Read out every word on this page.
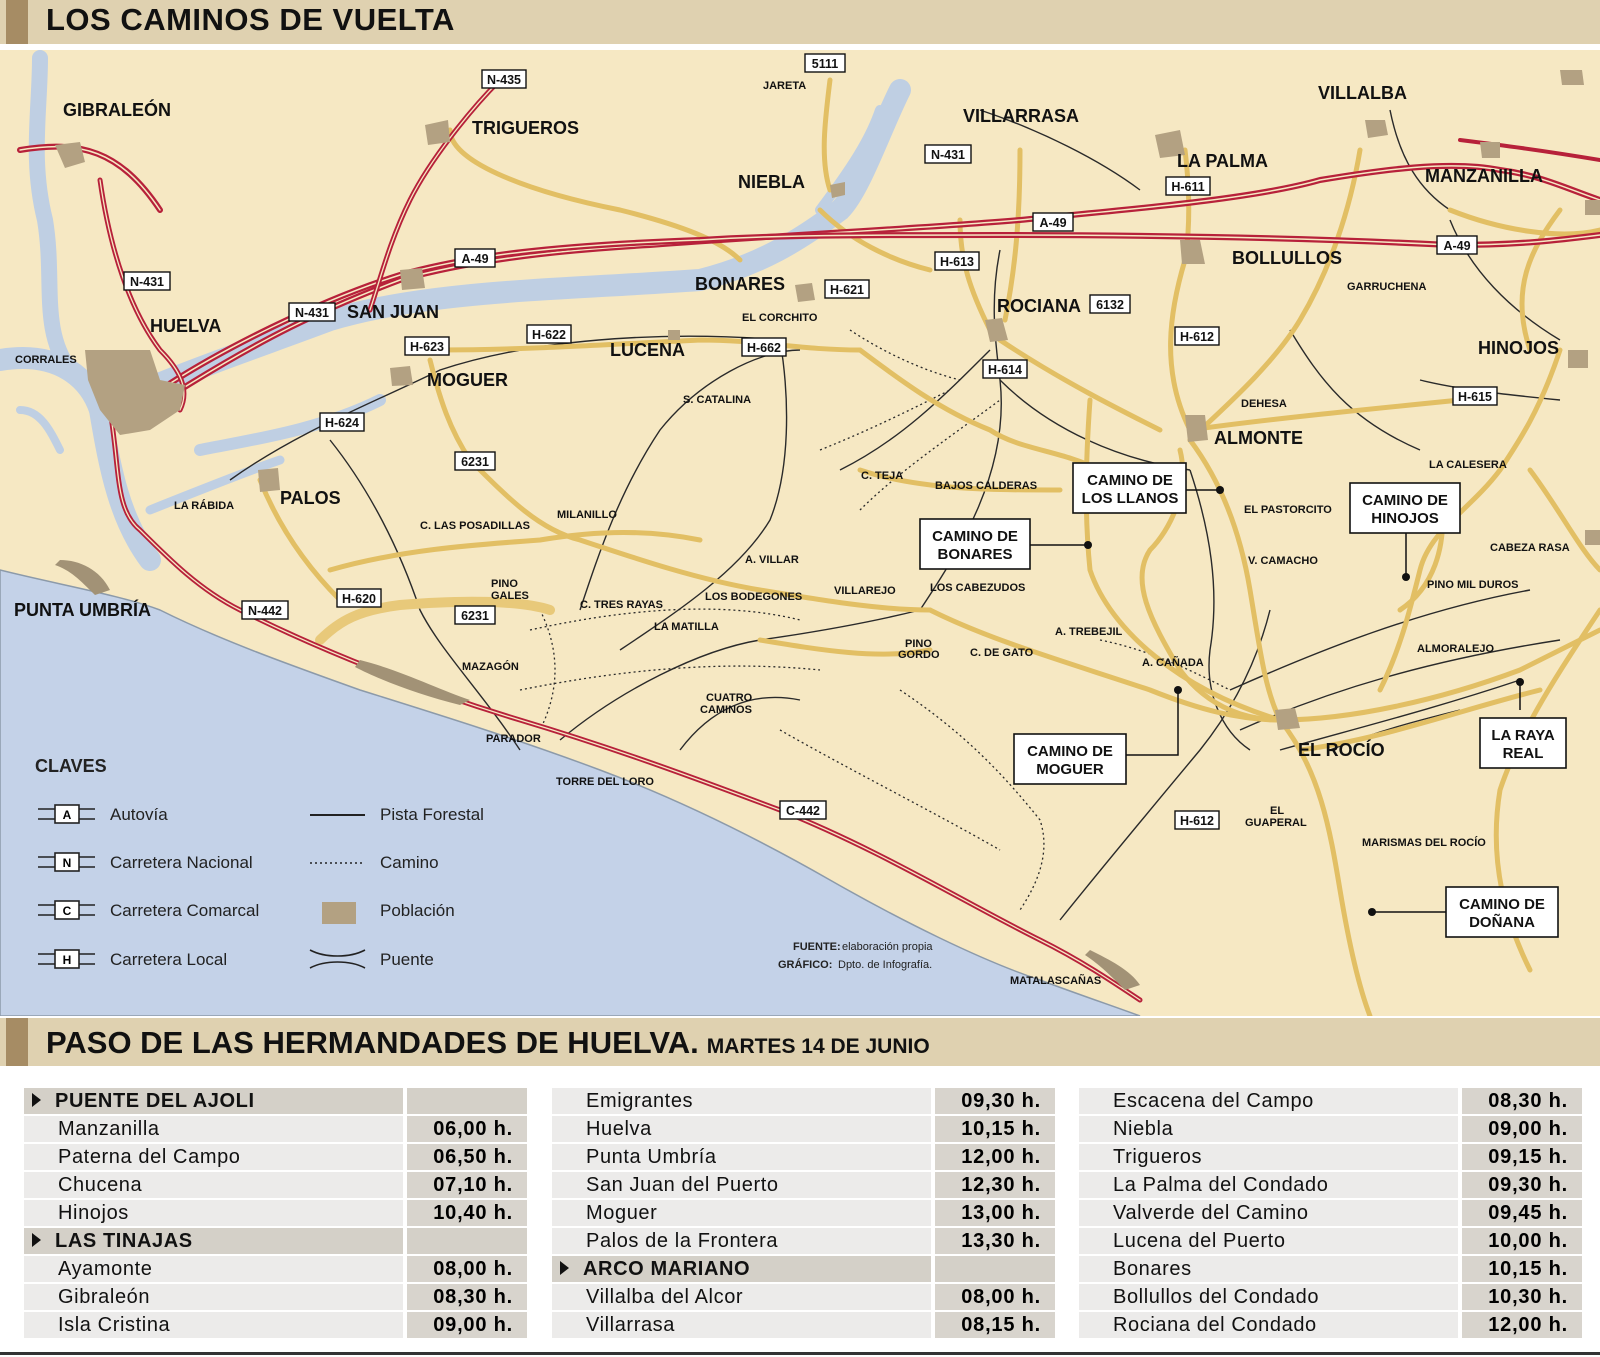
LOS CAMINOS DE VUELTA
N-435
5111
N-431
H-611
A-49
A-49
A-49	H-613
H-621
N-431
N-431
6132
H-622
H-623	H-662
H-612
H-614
H-615
H-624
6231
H-620
N-442	6231
C-442
H-612
GIBRALEÓN
TRIGUEROS
VILLARRASA
VILLALBA
NIEBLA
LA PALMA
MANZANILLA
BOLLULLOS
BONARES
ROCIANA
HUELVA
SAN JUAN
LUCENA
MOGUER
HINOJOS
ALMONTE
PALOS
PUNTA UMBRÍA
EL ROCÍO
CORRALES
JARETA
GARRUCHENA
EL CORCHITO
S. CATALINA	DEHESA
C. TEJA
BAJOS CALDERAS
LA CALESERA
EL PASTORCITO
LA RÁBIDA
C. LAS POSADILLAS
MILANILLO
A. VILLAR	V. CAMACHO
CABEZA RASA
PINO MIL DUROS
VILLAREJO	LOS CABEZUDOS
PINO
GALES
C. TRES RAYAS
LOS BODEGONES
LA MATILLA	A. TREBEJIL
ALMORALEJO
PINO
GORDO	C. DE GATO
A. CAÑADA
MAZAGÓN
CUATRO
CAMINOS
PARADOR
TORRE DEL LORO
EL
GUAPERAL
MARISMAS DEL ROCÍO
MATALASCAÑAS
CAMINO DE
LOS LLANOS
CAMINO DE
BONARES
CAMINO DE
HINOJOS
CAMINO DE
MOGUER
LA RAYA
REAL
CAMINO DE
DOÑANA
CLAVES
A Autovía
N Carretera Nacional
C Carretera Comarcal
H Carretera Local
Pista Forestal
Camino
Población
Puente
FUENTE: elaboración propia
GRÁFICO: Dpto. de Infografía.
PASO DE LAS HERMANDADES DE HUELVA. MARTES 14 DE JUNIO
PUENTE DEL AJOLI
Manzanilla	06,00 h.
Paterna del Campo	06,50 h.
Chucena	07,10 h.
Hinojos	10,40 h.
LAS TINAJAS
Ayamonte	08,00 h.
Gibraleón	08,30 h.
Isla Cristina	09,00 h.
Emigrantes	09,30 h.
Huelva	10,15 h.
Punta Umbría	12,00 h.
San Juan del Puerto	12,30 h.
Moguer	13,00 h.
Palos de la Frontera	13,30 h.
ARCO MARIANO
Villalba del Alcor	08,00 h.
Villarrasa	08,15 h.
Escacena del Campo	08,30 h.
Niebla	09,00 h.
Trigueros	09,15 h.
La Palma del Condado	09,30 h.
Valverde del Camino	09,45 h.
Lucena del Puerto	10,00 h.
Bonares	10,15 h.
Bollullos del Condado	10,30 h.
Rociana del Condado	12,00 h.
